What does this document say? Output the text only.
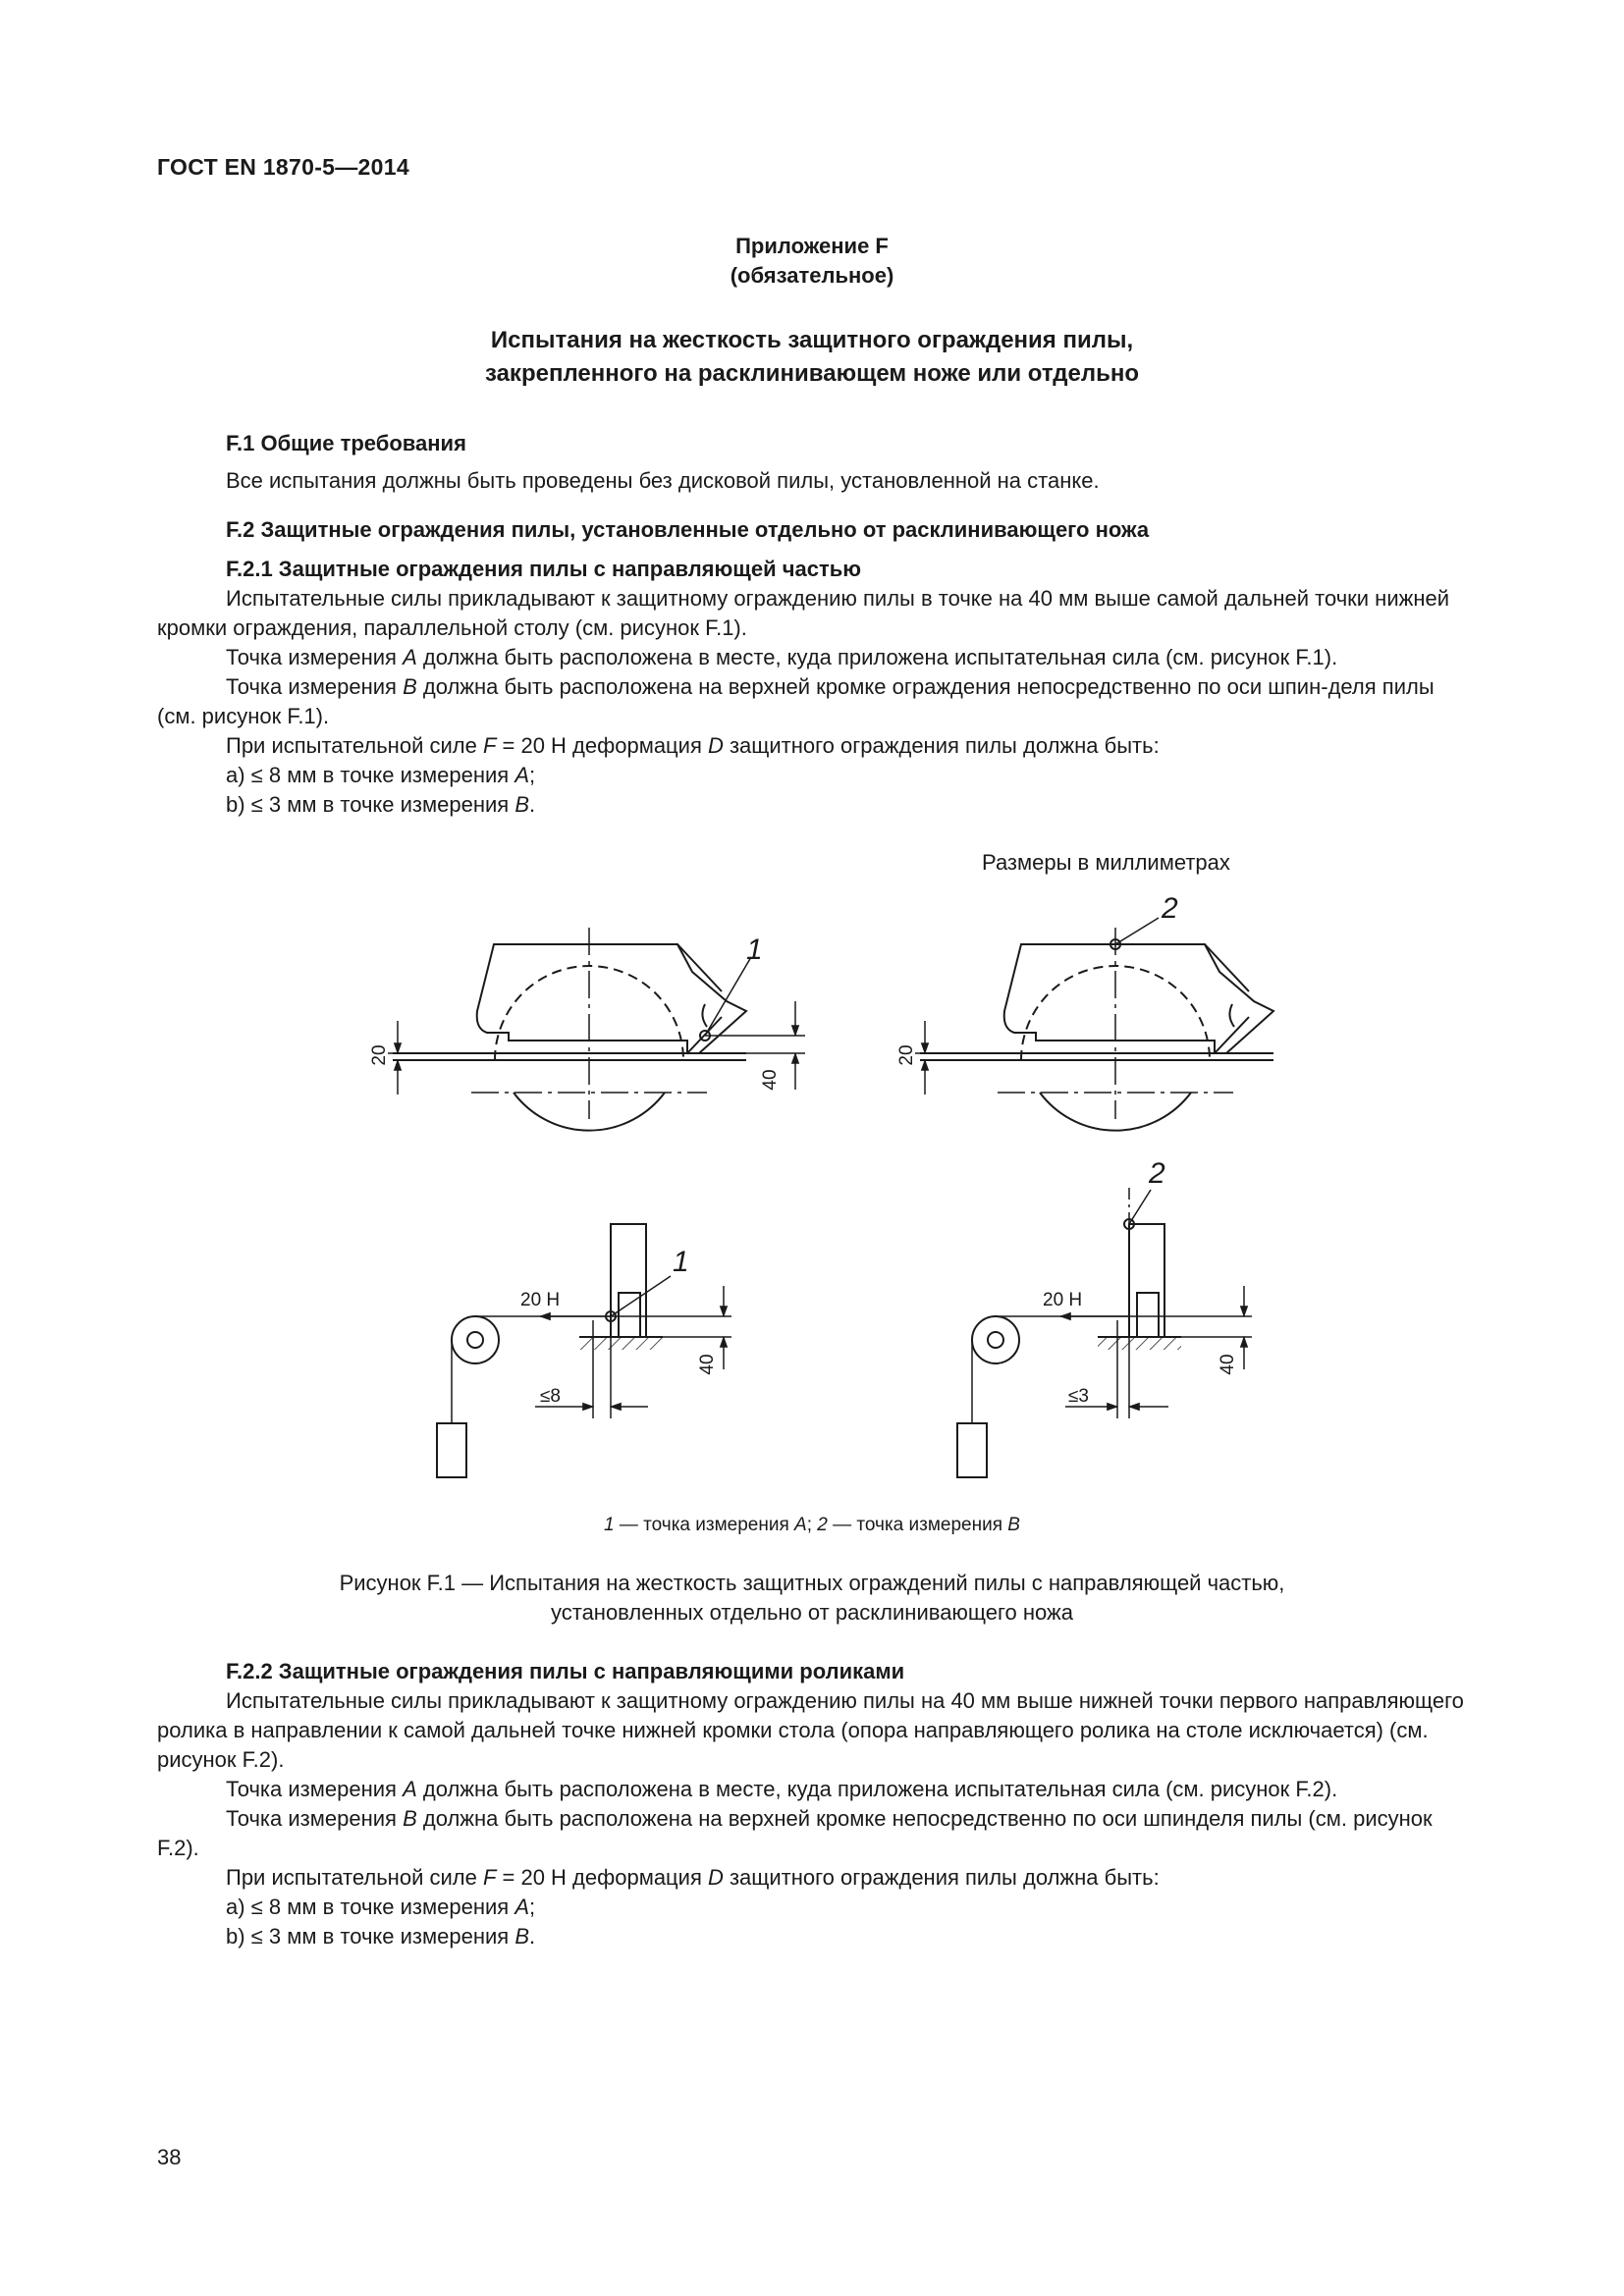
ГОСТ EN 1870-5—2014
Приложение F
(обязательное)
Испытания на жесткость защитного ограждения пилы,
закрепленного на расклинивающем ноже или отдельно

F.1 Общие требования

Все испытания должны быть проведены без дисковой пилы, установленной на станке.

F.2 Защитные ограждения пилы, установленные отдельно от расклинивающего ножа

F.2.1 Защитные ограждения пилы с направляющей частью

Испытательные силы прикладывают к защитному ограждению пилы в точке на 40 мм выше самой дальней точки нижней кромки ограждения, параллельной столу (см. рисунок F.1).

Точка измерения A должна быть расположена в месте, куда приложена испытательная сила (см. рисунок F.1).

Точка измерения B должна быть расположена на верхней кромке ограждения непосредственно по оси шпин-деля пилы (см. рисунок F.1).

При испытательной силе F = 20 Н деформация D защитного ограждения пилы должна быть:

a) ≤ 8 мм в точке измерения A;

b) ≤ 3 мм в точке измерения B.

Размеры в миллиметрах
20
40
1
20
2
20 Н
≤8
40
1
20 Н
≤3
40
2
1 — точка измерения A; 2 — точка измерения B
Рисунок F.1 — Испытания на жесткость защитных ограждений пилы с направляющей частью,
установленных отдельно от расклинивающего ножа

F.2.2 Защитные ограждения пилы с направляющими роликами

Испытательные силы прикладывают к защитному ограждению пилы на 40 мм выше нижней точки первого направляющего ролика в направлении к самой дальней точке нижней кромки стола (опора направляющего ролика на столе исключается) (см. рисунок F.2).

Точка измерения A должна быть расположена в месте, куда приложена испытательная сила (см. рисунок F.2).

Точка измерения B должна быть расположена на верхней кромке непосредственно по оси шпинделя пилы (см. рисунок F.2).

При испытательной силе F = 20 Н деформация D защитного ограждения пилы должна быть:

a) ≤ 8 мм в точке измерения A;

b) ≤ 3 мм в точке измерения B.

38
